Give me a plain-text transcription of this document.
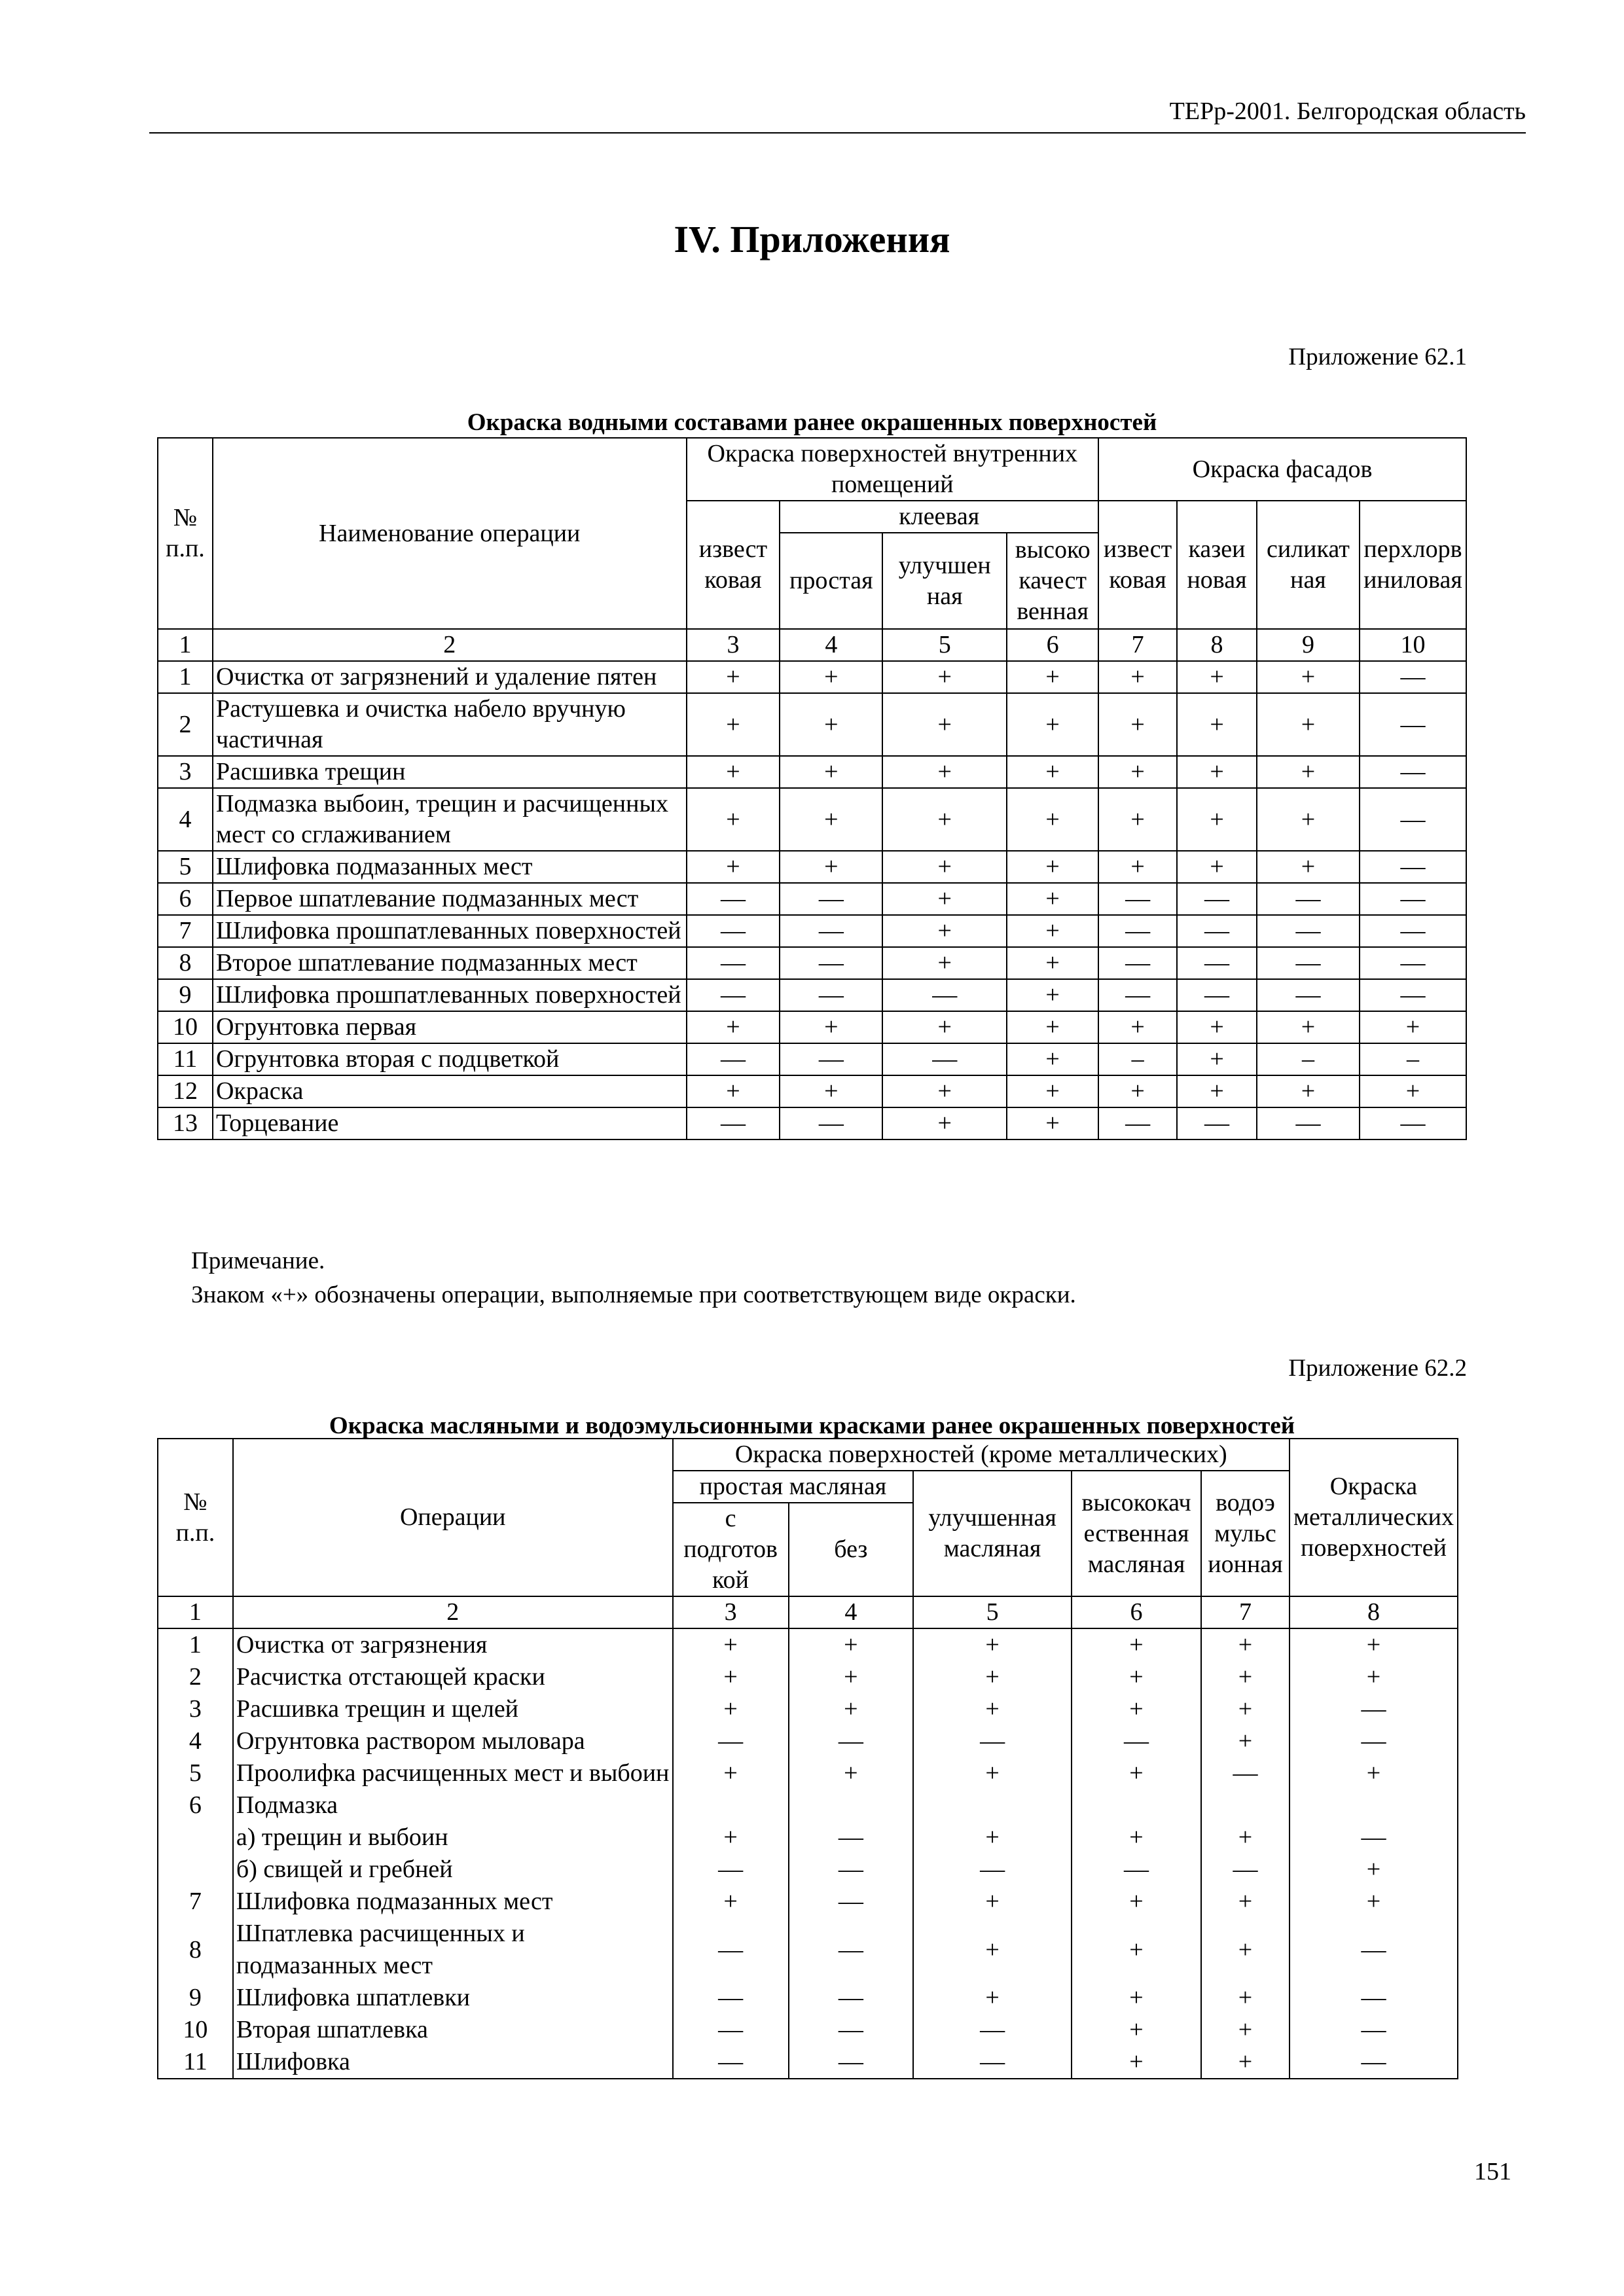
ТЕРр-2001. Белгородская область
IV. Приложения
Приложение 62.1
Окраска водными составами ранее окрашенных поверхностей
№ п.п.	Наименование операции	Окраска поверхностей внутренних помещений				Окраска фасадов			
		извест ковая	клеевая			извест ковая	казеи новая	силикат ная	перхлорв иниловая
			простая	улучшен ная	высоко качест венная				
1	2	3	4	5	6	7	8	9	10
1	Очистка от загрязнений и удаление пятен	+	+	+	+	+	+	+	—
2	Растушевка и очистка набело вручную частичная	+	+	+	+	+	+	+	—
3	Расшивка трещин	+	+	+	+	+	+	+	—
4	Подмазка выбоин, трещин и расчищенных мест со сглаживанием	+	+	+	+	+	+	+	—
5	Шлифовка подмазанных мест	+	+	+	+	+	+	+	—
6	Первое шпатлевание подмазанных мест	—	—	+	+	—	—	—	—
7	Шлифовка прошпатлеванных поверхностей	—	—	+	+	—	—	—	—
8	Второе шпатлевание подмазанных мест	—	—	+	+	—	—	—	—
9	Шлифовка прошпатлеванных поверхностей	—	—	—	+	—	—	—	—
10	Огрунтовка первая	+	+	+	+	+	+	+	+
11	Огрунтовка вторая с подцветкой	—	—	—	+	–	+	–	–
12	Окраска	+	+	+	+	+	+	+	+
13	Торцевание	—	—	+	+	—	—	—	—
Примечание.
Знаком «+» обозначены операции, выполняемые при соответствующем виде окраски.
Приложение 62.2
Окраска масляными и водоэмульсионными красками ранее окрашенных поверхностей
№ п.п.	Операции	Окраска поверхностей (кроме металлических)					Окраска металлических поверхностей
		простая масляная		улучшенная масляная	высококач ественная масляная	водоэ мульс ионная	
		с подготов кой	без				
1	2	3	4	5	6	7	8
1	Очистка от загрязнения	+	+	+	+	+	+
2	Расчистка отстающей краски	+	+	+	+	+	+
3	Расшивка трещин и щелей	+	+	+	+	+	—
4	Огрунтовка раствором мыловара	—	—	—	—	+	—
5	Проолифка расчищенных мест и выбоин	+	+	+	+	—	+
6	Подмазка						
	а) трещин и выбоин	+	—	+	+	+	—
	б) свищей и гребней	—	—	—	—	—	+
7	Шлифовка подмазанных мест	+	—	+	+	+	+
8	Шпатлевка расчищенных и подмазанных мест	—	—	+	+	+	—
9	Шлифовка шпатлевки	—	—	+	+	+	—
10	Вторая шпатлевка	—	—	—	+	+	—
11	Шлифовка	—	—	—	+	+	—
151
